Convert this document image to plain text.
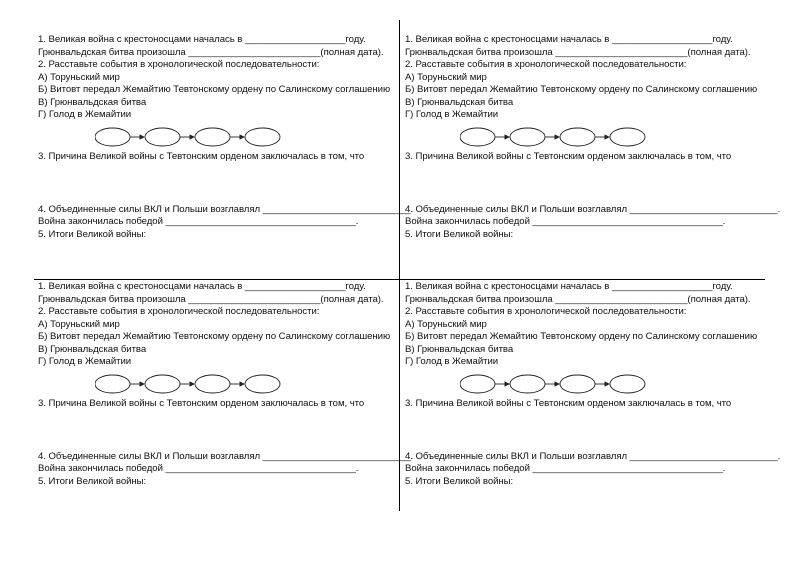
1. Великая война с крестоносцами началась в ___________________году.
Грюнвальдская битва произошла _________________________(полная дата).
2. Расставьте события в хронологической последовательности:
А) Торуньский мир
Б) Витовт передал Жемайтию Тевтонскому ордену по Салинскому соглашению
В) Грюнвальдская битва
Г) Голод в Жемайтии
3. Причина Великой войны с Тевтонским орденом заключалась в том, что
4. Объединенные силы ВКЛ и Польши возглавлял ____________________________.
Война закончилась победой ____________________________________.
5. Итоги Великой войны:
1. Великая война с крестоносцами началась в ___________________году.
Грюнвальдская битва произошла _________________________(полная дата).
2. Расставьте события в хронологической последовательности:
А) Торуньский мир
Б) Витовт передал Жемайтию Тевтонскому ордену по Салинскому соглашению
В) Грюнвальдская битва
Г) Голод в Жемайтии
3. Причина Великой войны с Тевтонским орденом заключалась в том, что
4. Объединенные силы ВКЛ и Польши возглавлял ____________________________.
Война закончилась победой ____________________________________.
5. Итоги Великой войны:
1. Великая война с крестоносцами началась в ___________________году.
Грюнвальдская битва произошла _________________________(полная дата).
2. Расставьте события в хронологической последовательности:
А) Торуньский мир
Б) Витовт передал Жемайтию Тевтонскому ордену по Салинскому соглашению
В) Грюнвальдская битва
Г) Голод в Жемайтии
3. Причина Великой войны с Тевтонским орденом заключалась в том, что
4. Объединенные силы ВКЛ и Польши возглавлял ____________________________.
Война закончилась победой ____________________________________.
5. Итоги Великой войны:
1. Великая война с крестоносцами началась в ___________________году.
Грюнвальдская битва произошла _________________________(полная дата).
2. Расставьте события в хронологической последовательности:
А) Торуньский мир
Б) Витовт передал Жемайтию Тевтонскому ордену по Салинскому соглашению
В) Грюнвальдская битва
Г) Голод в Жемайтии
3. Причина Великой войны с Тевтонским орденом заключалась в том, что
4. Объединенные силы ВКЛ и Польши возглавлял ____________________________.
Война закончилась победой ____________________________________.
5. Итоги Великой войны:
